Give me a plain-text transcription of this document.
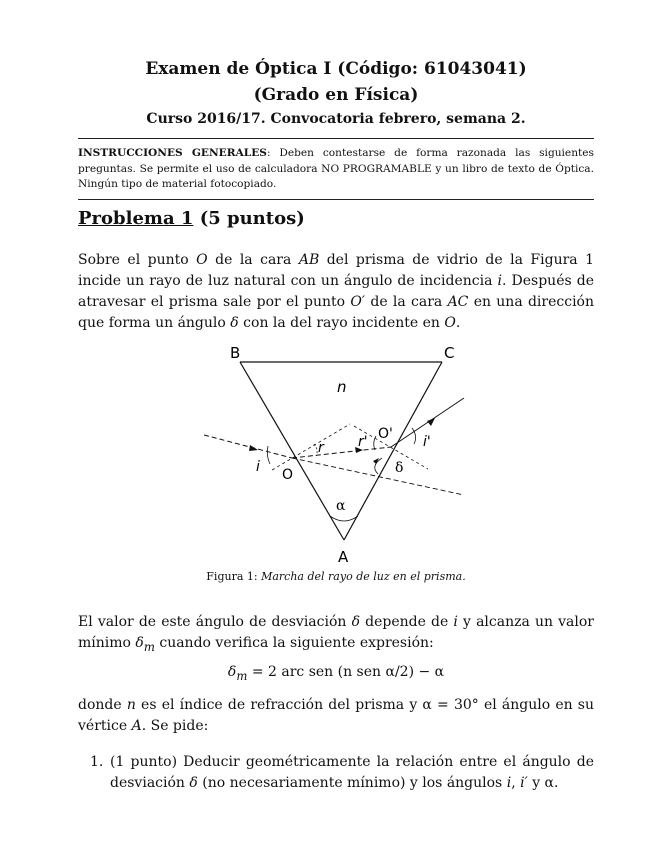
Examen de Óptica I (Código: 61043041)
(Grado en Física)
Curso 2016/17. Convocatoria febrero, semana 2.
INSTRUCCIONES GENERALES: Deben contestarse de forma razonada las siguientes preguntas. Se permite el uso de calculadora NO PROGRAMABLE y un libro de texto de Óptica. Ningún tipo de material fotocopiado.
Problema 1 (5 puntos)
Sobre el punto O de la cara AB del prisma de vidrio de la Figura 1 incide un rayo de luz natural con un ángulo de incidencia i. Después de atravesar el prisma sale por el punto O′ de la cara AC en una dirección que forma un ángulo δ con la del rayo incidente en O.
B	C
A
n
O
O'
i
r r'	i'
δ
α
Figura 1: Marcha del rayo de luz en el prisma.
El valor de este ángulo de desviación δ depende de i y alcanza un valor mínimo $\delta_m$ cuando verifica la siguiente expresión:
$\delta_m = 2$ arc sen (n sen α/2) − α
donde n es el índice de refracción del prisma y α = 30° el ángulo en su vértice A. Se pide:
1. (1 punto) Deducir geométricamente la relación entre el ángulo de desviación δ (no necesariamente mínimo) y los ángulos i, i′ y α.
